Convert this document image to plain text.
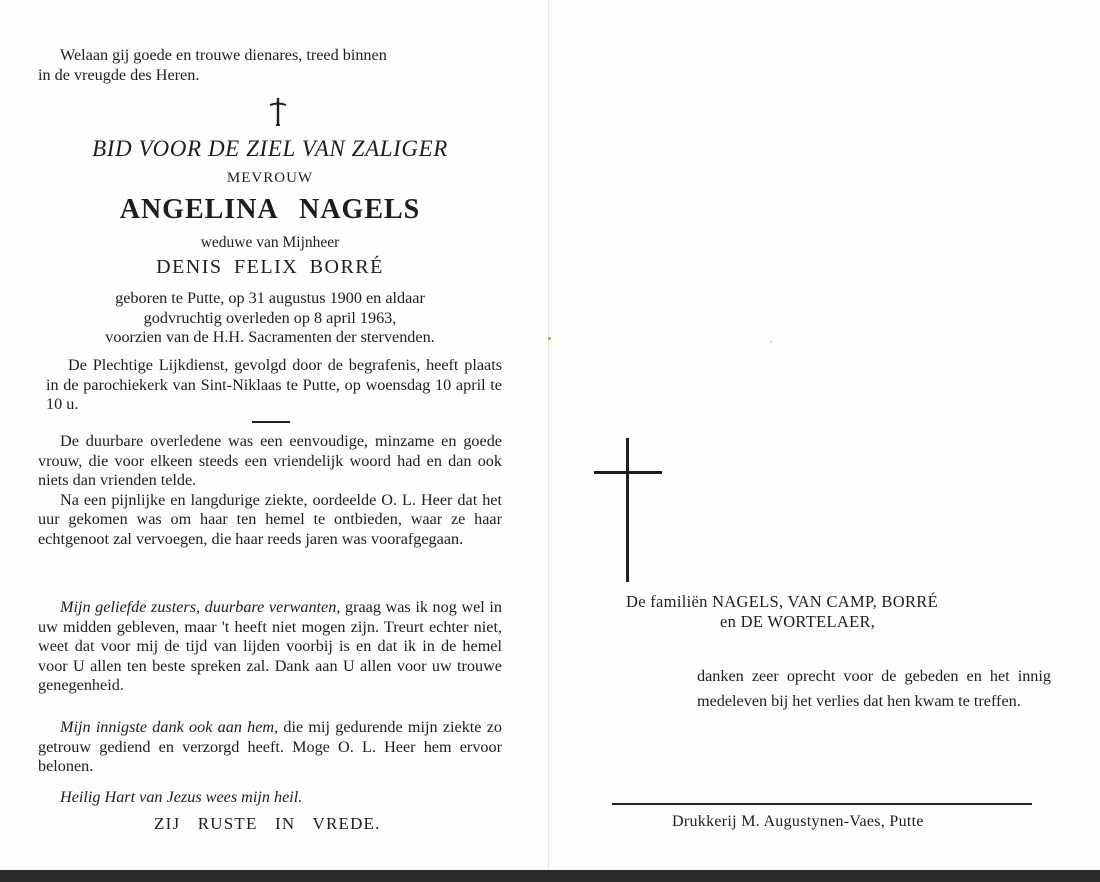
Welaan gij goede en trouwe dienares, treed binnen

in de vreugde des Heren.

BID VOOR DE ZIEL VAN ZALIGER
MEVROUW
ANGELINA NAGELS
weduwe van Mijnheer
DENIS FELIX BORRÉ

geboren te Putte, op 31 augustus 1900 en aldaar

godvruchtig overleden op 8 april 1963,

voorzien van de H.H. Sacramenten der stervenden.

De Plechtige Lijkdienst, gevolgd door de begrafenis, heeft plaats in de parochiekerk van Sint-Niklaas te Putte, op woensdag 10 april te 10 u.

De duurbare overledene was een eenvoudige, minzame en goede vrouw, die voor elkeen steeds een vriendelijk woord had en dan ook niets dan vrienden telde.

Na een pijnlijke en langdurige ziekte, oordeelde O. L. Heer dat het uur gekomen was om haar ten hemel te ontbieden, waar ze haar echtgenoot zal vervoegen, die haar reeds jaren was voorafgegaan.

Mijn geliefde zusters, duurbare verwanten, graag was ik nog wel in uw midden gebleven, maar 't heeft niet mogen zijn. Treurt echter niet, weet dat voor mij de tijd van lijden voorbij is en dat ik in de hemel voor U allen ten beste spreken zal. Dank aan U allen voor uw trouwe genegenheid.

Mijn innigste dank ook aan hem, die mij gedurende mijn ziekte zo getrouw gediend en verzorgd heeft. Moge O. L. Heer hem ervoor belonen.

Heilig Hart van Jezus wees mijn heil.
ZIJ RUSTE IN VREDE.

De familiën NAGELS, VAN CAMP, BORRÉ

en DE WORTELAER,

danken zeer oprecht voor de gebeden en het innig medeleven bij het verlies dat hen kwam te treffen.

Drukkerij M. Augustynen-Vaes, Putte
